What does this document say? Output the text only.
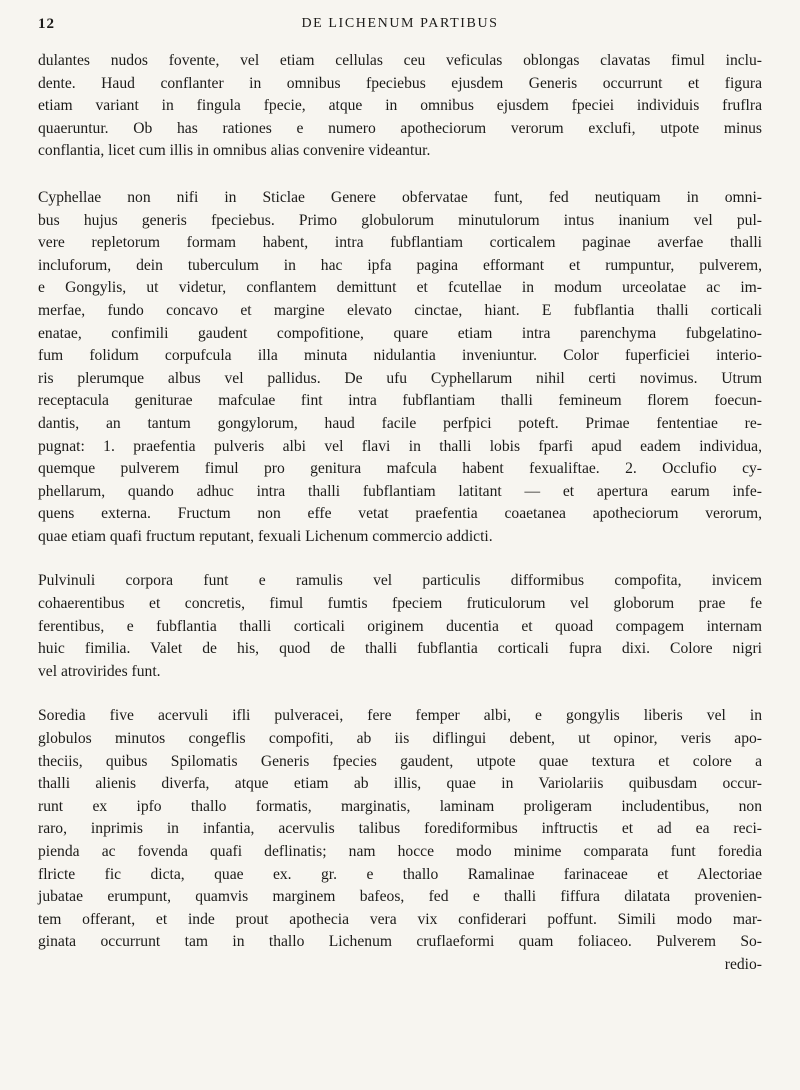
12	DE LICHENUM PARTIBUS
dulantes nudos fovente, vel etiam cellulas ceu veficulas oblongas clavatas fimul inclu-
dente. Haud conflanter in omnibus fpeciebus ejusdem Generis occurrunt et figura
etiam variant in fingula fpecie, atque in omnibus ejusdem fpeciei individuis fruflra
quaeruntur. Ob has rationes e numero apotheciorum verorum exclufi, utpote minus
conflantia, licet cum illis in omnibus alias convenire videantur.
Cyphellae non nifi in Sticlae Genere obfervatae funt, fed neutiquam in omni-
bus hujus generis fpeciebus. Primo globulorum minutulorum intus inanium vel pul-
vere repletorum formam habent, intra fubflantiam corticalem paginae averfae thalli
incluforum, dein tuberculum in hac ipfa pagina efformant et rumpuntur, pulverem,
e Gongylis, ut videtur, conflantem demittunt et fcutellae in modum urceolatae ac im-
merfae, fundo concavo et margine elevato cinctae, hiant. E fubflantia thalli corticali
enatae, confimili gaudent compofitione, quare etiam intra parenchyma fubgelatino-
fum folidum corpufcula illa minuta nidulantia inveniuntur. Color fuperficiei interio-
ris plerumque albus vel pallidus. De ufu Cyphellarum nihil certi novimus. Utrum
receptacula geniturae mafculae fint intra fubflantiam thalli femineum florem foecun-
dantis, an tantum gongylorum, haud facile perfpici poteft. Primae fententiae re-
pugnat: 1. praefentia pulveris albi vel flavi in thalli lobis fparfi apud eadem individua,
quemque pulverem fimul pro genitura mafcula habent fexualiftae. 2. Occlufio cy-
phellarum, quando adhuc intra thalli fubflantiam latitant — et apertura earum infe-
quens externa. Fructum non effe vetat praefentia coaetanea apotheciorum verorum,
quae etiam quafi fructum reputant, fexuali Lichenum commercio addicti.
Pulvinuli corpora funt e ramulis vel particulis difformibus compofita, invicem
cohaerentibus et concretis, fimul fumtis fpeciem fruticulorum vel globorum prae fe
ferentibus, e fubflantia thalli corticali originem ducentia et quoad compagem internam
huic fimilia. Valet de his, quod de thalli fubflantia corticali fupra dixi. Colore nigri
vel atrovirides funt.
Soredia five acervuli ifli pulveracei, fere femper albi, e gongylis liberis vel in
globulos minutos congeflis compofiti, ab iis diflingui debent, ut opinor, veris apo-
theciis, quibus Spilomatis Generis fpecies gaudent, utpote quae textura et colore a
thalli alienis diverfa, atque etiam ab illis, quae in Variolariis quibusdam occur-
runt ex ipfo thallo formatis, marginatis, laminam proligeram includentibus, non
raro, inprimis in infantia, acervulis talibus forediformibus inftructis et ad ea reci-
pienda ac fovenda quafi deflinatis; nam hocce modo minime comparata funt foredia
flricte fic dicta, quae ex. gr. e thallo Ramalinae farinaceae et Alectoriae
jubatae erumpunt, quamvis marginem bafeos, fed e thalli fiffura dilatata provenien-
tem offerant, et inde prout apothecia vera vix confiderari poffunt. Simili modo mar-
ginata occurrunt tam in thallo Lichenum cruflaeformi quam foliaceo. Pulverem So-
redio-
